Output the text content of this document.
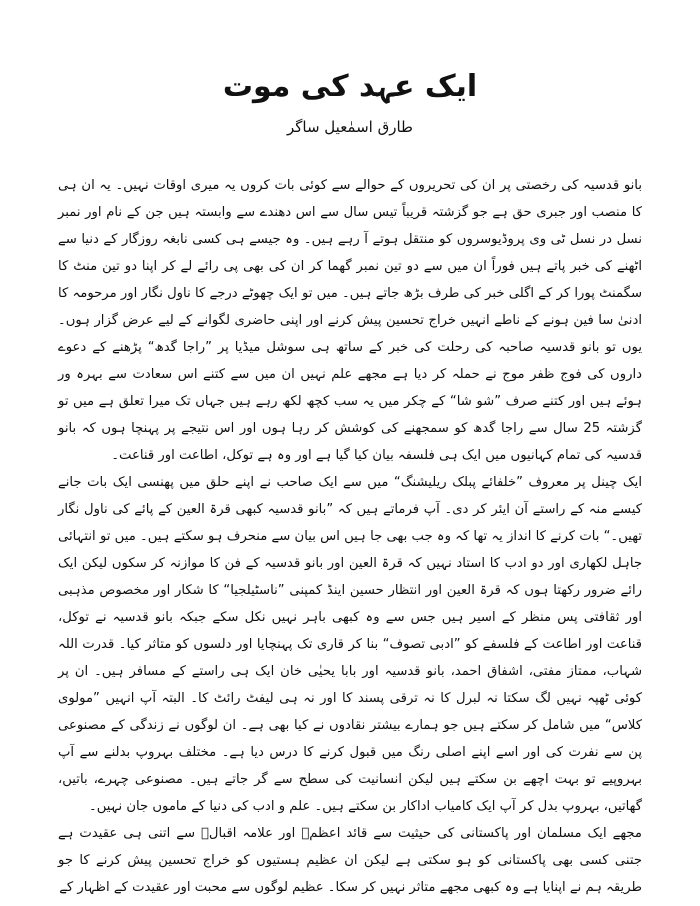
ایک عہد کی موت
طارق اسمٰعیل ساگر

بانو قدسیہ کی رخصتی پر ان کی تحریروں کے حوالے سے کوئی بات کروں یہ میری اوقات نہیں۔ یہ ان ہی کا منصب اور جبری حق ہے جو گزشتہ قریباً تیس سال سے اس دھندے سے وابستہ ہیں جن کے نام اور نمبر نسل در نسل ٹی وی پروڈیوسروں کو منتقل ہوتے آ رہے ہیں۔ وہ جیسے ہی کسی نابغہ روزگار کے دنیا سے اٹھنے کی خبر پاتے ہیں فوراً ان میں سے دو تین نمبر گھما کر ان کی بھی پی رائے لے کر اپنا دو تین منٹ کا سگمنٹ پورا کر کے اگلی خبر کی طرف بڑھ جاتے ہیں۔ میں تو ایک چھوٹے درجے کا ناول نگار اور مرحومہ کا ادنیٰ سا فین ہونے کے ناطے انہیں خراج تحسین پیش کرنے اور اپنی حاضری لگوانے کے لیے عرض گزار ہوں۔ یوں تو بانو قدسیہ صاحبہ کی رحلت کی خبر کے ساتھ ہی سوشل میڈیا پر ”راجا گدھ“ پڑھنے کے دعوے داروں کی فوج ظفر موج نے حملہ کر دیا ہے مجھے علم نہیں ان میں سے کتنے اس سعادت سے بہرہ ور ہوئے ہیں اور کتنے صرف ”شو شا“ کے چکر میں یہ سب کچھ لکھ رہے ہیں جہاں تک میرا تعلق ہے میں تو گزشتہ 25 سال سے راجا گدھ کو سمجھنے کی کوشش کر رہا ہوں اور اس نتیجے پر پہنچا ہوں کہ بانو قدسیہ کی تمام کہانیوں میں ایک ہی فلسفہ بیان کیا گیا ہے اور وہ ہے توکل، اطاعت اور قناعت۔

ایک چینل پر معروف ”خلفائے پبلک ریلیشنگ“ میں سے ایک صاحب نے اپنے حلق میں پھنسی ایک بات جانے کیسے منہ کے راستے آن ایئر کر دی۔ آپ فرماتے ہیں کہ ”بانو قدسیہ کبھی قرۃ العین کے پائے کی ناول نگار تھیں۔“ بات کرنے کا انداز یہ تھا کہ وہ جب بھی جا ہیں اس بیان سے منحرف ہو سکتے ہیں۔ میں تو انتہائی جاہل لکھاری اور دو ادب کا استاد نہیں کہ قرۃ العین اور بانو قدسیہ کے فن کا موازنہ کر سکوں لیکن ایک رائے ضرور رکھتا ہوں کہ قرۃ العین اور انتظار حسین اینڈ کمپنی ”ناسٹیلجیا“ کا شکار اور مخصوص مذہبی اور ثقافتی پس منظر کے اسیر ہیں جس سے وہ کبھی باہر نہیں نکل سکے جبکہ بانو قدسیہ نے توکل، قناعت اور اطاعت کے فلسفے کو ”ادبی تصوف“ بنا کر قاری تک پہنچایا اور دلسوں کو متاثر کیا۔ قدرت اللہ شہاب، ممتاز مفتی، اشفاق احمد، بانو قدسیہ اور بابا یحیٰی خان ایک ہی راستے کے مسافر ہیں۔ ان پر کوئی ٹھپہ نہیں لگ سکتا نہ لبرل کا نہ ترقی پسند کا اور نہ ہی لیفٹ رائٹ کا۔ البتہ آپ انہیں ”مولوی کلاس“ میں شامل کر سکتے ہیں جو ہمارے بیشتر نقادوں نے کیا بھی ہے۔ ان لوگوں نے زندگی کے مصنوعی پن سے نفرت کی اور اسے اپنے اصلی رنگ میں قبول کرنے کا درس دیا ہے۔ مختلف بہروپ بدلنے سے آپ بہروپیے تو بہت اچھے بن سکتے ہیں لیکن انسانیت کی سطح سے گر جاتے ہیں۔ مصنوعی چہرے، باتیں، گھاتیں، بہروپ بدل کر آپ ایک کامیاب اداکار بن سکتے ہیں۔ علم و ادب کی دنیا کے ماموں جان نہیں۔

مجھے ایک مسلمان اور پاکستانی کی حیثیت سے قائد اعظمؒ اور علامہ اقبالؒ سے اتنی ہی عقیدت ہے جتنی کسی بھی پاکستانی کو ہو سکتی ہے لیکن ان عظیم ہستیوں کو خراج تحسین پیش کرنے کا جو طریقہ ہم نے اپنایا ہے وہ کبھی مجھے متاثر نہیں کر سکا۔ عظیم لوگوں سے محبت اور عقیدت کے اظہار کے
